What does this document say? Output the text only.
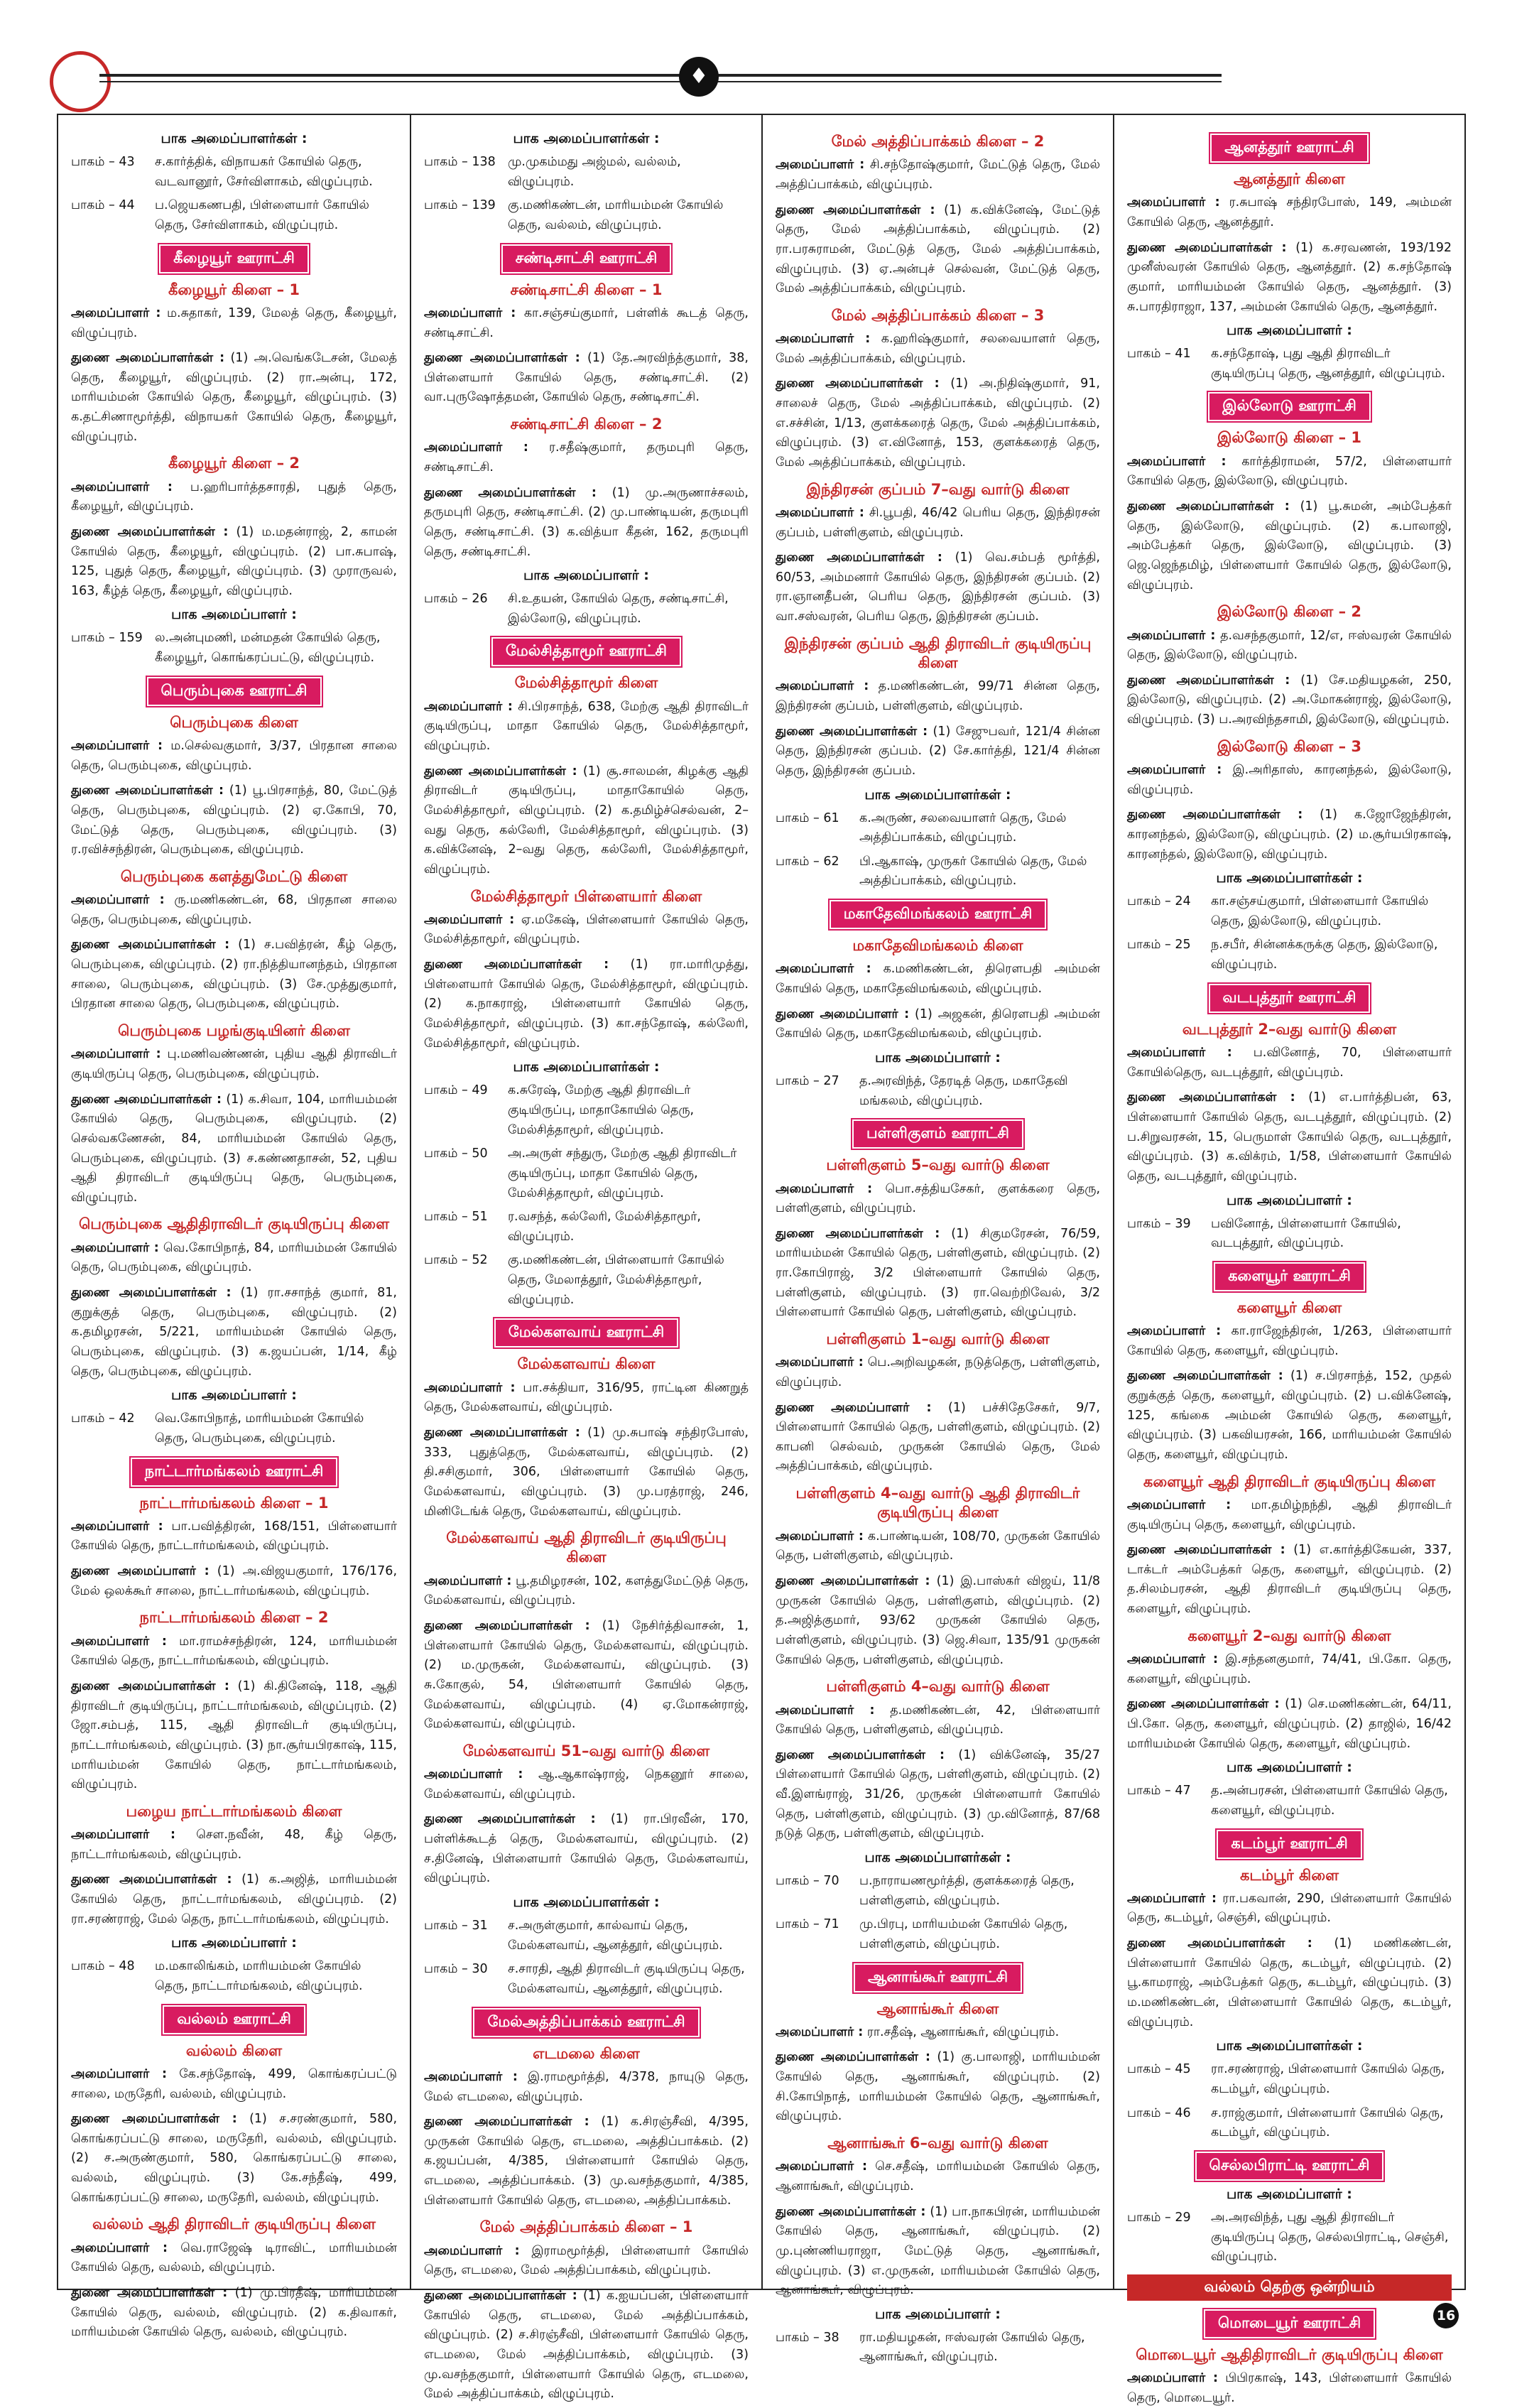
♦
பாக அமைப்பாளர்கள் :
பாகம் – 43	ச.கார்த்திக், விநாயகர் கோயில் தெரு, வடவானூர், சேர்விளாகம், விழுப்புரம்.
பாகம் – 44	ப.ஜெயகணபதி, பிள்ளையார் கோயில் தெரு, சேர்விளாகம், விழுப்புரம்.
கீழையூர் ஊராட்சி
கீழையூர் கிளை – 1
அமைப்பாளர் : ம.சுதாகர், 139, மேலத் தெரு, கீழையூர், விழுப்புரம்.
துணை அமைப்பாளர்கள் : (1) அ.வெங்கடேசன், மேலத் தெரு, கீழையூர், விழுப்புரம். (2) ரா.அன்பு, 172, மாரியம்மன் கோயில் தெரு, கீழையூர், விழுப்புரம். (3) க.தட்சிணாமூர்த்தி, விநாயகர் கோயில் தெரு, கீழையூர், விழுப்புரம்.
கீழையூர் கிளை – 2
அமைப்பாளர் : ப.ஹரிபார்த்தசாரதி, புதுத் தெரு, கீழையூர், விழுப்புரம்.
துணை அமைப்பாளர்கள் : (1) ம.மதன்ராஜ், 2, காமன் கோயில் தெரு, கீழையூர், விழுப்புரம். (2) பா.சுபாஷ், 125, புதுத் தெரு, கீழையூர், விழுப்புரம். (3) முராருவல், 163, கீழ்த் தெரு, கீழையூர், விழுப்புரம்.
பாக அமைப்பாளர் :
பாகம் – 159 ல.அன்புமணி, மன்மதன் கோயில் தெரு, கீழையூர், கொங்கரப்பட்டு, விழுப்புரம்.
பெரும்புகை ஊராட்சி
பெரும்புகை கிளை
அமைப்பாளர் : ம.செல்வகுமார், 3/37, பிரதான சாலை தெரு, பெரும்புகை, விழுப்புரம்.
துணை அமைப்பாளர்கள் : (1) பூ.பிரசாந்த், 80, மேட்டுத் தெரு, பெரும்புகை, விழுப்புரம். (2) ஏ.கோபி, 70, மேட்டுத் தெரு, பெரும்புகை, விழுப்புரம். (3) ர.ரவிச்சந்திரன், பெரும்புகை, விழுப்புரம்.
பெரும்புகை களத்துமேட்டு கிளை
அமைப்பாளர் : ரு.மணிகண்டன், 68, பிரதான சாலை தெரு, பெரும்புகை, விழுப்புரம்.
துணை அமைப்பாளர்கள் : (1) ச.பவித்ரன், கீழ் தெரு, பெரும்புகை, விழுப்புரம். (2) ரா.நித்தியானந்தம், பிரதான சாலை, பெரும்புகை, விழுப்புரம். (3) சே.முத்துகுமார், பிரதான சாலை தெரு, பெரும்புகை, விழுப்புரம்.
பெரும்புகை பழங்குடியினர் கிளை
அமைப்பாளர் : பு.மணிவண்ணன், புதிய ஆதி திராவிடர் குடியிருப்பு தெரு, பெரும்புகை, விழுப்புரம்.
துணை அமைப்பாளர்கள் : (1) க.சிவா, 104, மாரியம்மன் கோயில் தெரு, பெரும்புகை, விழுப்புரம். (2) செல்வகணேசன், 84, மாரியம்மன் கோயில் தெரு, பெரும்புகை, விழுப்புரம். (3) ச.கண்ணதாசன், 52, புதிய ஆதி திராவிடர் குடியிருப்பு தெரு, பெரும்புகை, விழுப்புரம்.
பெரும்புகை ஆதிதிராவிடர் குடியிருப்பு கிளை
அமைப்பாளர் : வெ.கோபிநாத், 84, மாரியம்மன் கோயில் தெரு, பெரும்புகை, விழுப்புரம்.
துணை அமைப்பாளர்கள் : (1) ரா.சசாந்த் குமார், 81, குறுக்குத் தெரு, பெரும்புகை, விழுப்புரம். (2) க.தமிழரசன், 5/221, மாரியம்மன் கோயில் தெரு, பெரும்புகை, விழுப்புரம். (3) க.ஜயப்பன், 1/14, கீழ் தெரு, பெரும்புகை, விழுப்புரம்.
பாக அமைப்பாளர் :
பாகம் – 42	வெ.கோபிநாத், மாரியம்மன் கோயில் தெரு, பெரும்புகை, விழுப்புரம்.
நாட்டார்மங்கலம் ஊராட்சி
நாட்டார்மங்கலம் கிளை – 1
அமைப்பாளர் : பா.பவித்திரன், 168/151, பிள்ளையார் கோயில் தெரு, நாட்டார்மங்கலம், விழுப்புரம்.
துணை அமைப்பாளர் : (1) அ.விஜயகுமார், 176/176, மேல் ஒலக்கூர் சாலை, நாட்டார்மங்கலம், விழுப்புரம்.
நாட்டார்மங்கலம் கிளை – 2
அமைப்பாளர் : மா.ராமச்சந்திரன், 124, மாரியம்மன் கோயில் தெரு, நாட்டார்மங்கலம், விழுப்புரம்.
துணை அமைப்பாளர்கள் : (1) கி.தினேஷ், 118, ஆதி திராவிடர் குடியிருப்பு, நாட்டார்மங்கலம், விழுப்புரம். (2) ஜோ.சம்பத், 115, ஆதி திராவிடர் குடியிருப்பு, நாட்டார்மங்கலம், விழுப்புரம். (3) நா.சூர்யபிரகாஷ், 115, மாரியம்மன் கோயில் தெரு, நாட்டார்மங்கலம், விழுப்புரம்.
பழைய நாட்டார்மங்கலம் கிளை
அமைப்பாளர் : செள.நவீன், 48, கீழ் தெரு, நாட்டார்மங்கலம், விழுப்புரம்.
துணை அமைப்பாளர்கள் : (1) க.அஜித், மாரியம்மன் கோயில் தெரு, நாட்டார்மங்கலம், விழுப்புரம். (2) ரா.சரண்ராஜ், மேல் தெரு, நாட்டார்மங்கலம், விழுப்புரம்.
பாக அமைப்பாளர் :
பாகம் – 48	ம.மகாலிங்கம், மாரியம்மன் கோயில் தெரு, நாட்டார்மங்கலம், விழுப்புரம்.
வல்லம் ஊராட்சி
வல்லம் கிளை
அமைப்பாளர் : கே.சந்தோஷ், 499, கொங்கரப்பட்டு சாலை, மருதேரி, வல்லம், விழுப்புரம்.
துணை அமைப்பாளர்கள் : (1) ச.சரண்குமார், 580, கொங்கரப்பட்டு சாலை, மருதேரி, வல்லம், விழுப்புரம். (2) ச.அருண்குமார், 580, கொங்கரப்பட்டு சாலை, வல்லம், விழுப்புரம். (3) கே.சந்தீஷ், 499, கொங்கரப்பட்டு சாலை, மருதேரி, வல்லம், விழுப்புரம்.
வல்லம் ஆதி திராவிடர் குடியிருப்பு கிளை
அமைப்பாளர் : வெ.ராஜேஷ் டிராவிட், மாரியம்மன் கோயில் தெரு, வல்லம், விழுப்புரம்.
துணை அமைப்பாளர்கள் : (1) மு.பிரதீஷ், மாரியம்மன் கோயில் தெரு, வல்லம், விழுப்புரம். (2) க.திவாகர், மாரியம்மன் கோயில் தெரு, வல்லம், விழுப்புரம்.
பாக அமைப்பாளர்கள் :
பாகம் – 138 மு.முகம்மது அஜ்மல், வல்லம், விழுப்புரம்.
பாகம் – 139 கு.மணிகண்டன், மாரியம்மன் கோயில் தெரு, வல்லம், விழுப்புரம்.
சண்டிசாட்சி ஊராட்சி
சண்டிசாட்சி கிளை – 1
அமைப்பாளர் : கா.சஞ்சய்குமார், பள்ளிக் கூடத் தெரு, சண்டிசாட்சி.
துணை அமைப்பாளர்கள் : (1) தே.அரவிந்த்குமார், 38, பிள்ளையார் கோயில் தெரு, சண்டிசாட்சி. (2) வா.புருஷோத்தமன், கோயில் தெரு, சண்டிசாட்சி.
சண்டிசாட்சி கிளை – 2
அமைப்பாளர் : ர.சதீஷ்குமார், தருமபுரி தெரு, சண்டிசாட்சி.
துணை அமைப்பாளர்கள் : (1) மு.அருணாச்சலம், தருமபுரி தெரு, சண்டிசாட்சி. (2) மு.பாண்டியன், தருமபுரி தெரு, சண்டிசாட்சி. (3) க.வித்யா கீதன், 162, தருமபுரி தெரு, சண்டிசாட்சி.
பாக அமைப்பாளர் :
பாகம் – 26	சி.உதயன், கோயில் தெரு, சண்டிசாட்சி, இல்லோடு, விழுப்புரம்.
மேல்சித்தாமூர் ஊராட்சி
மேல்சித்தாமூர் கிளை
அமைப்பாளர் : சி.பிரசாந்த், 638, மேற்கு ஆதி திராவிடர் குடியிருப்பு, மாதா கோயில் தெரு, மேல்சித்தாமூர், விழுப்புரம்.
துணை அமைப்பாளர்கள் : (1) சூ.சாலமன், கிழக்கு ஆதி திராவிடர் குடியிருப்பு, மாதாகோயில் தெரு, மேல்சித்தாமூர், விழுப்புரம். (2) க.தமிழ்ச்செல்வன், 2–வது தெரு, கல்லேரி, மேல்சித்தாமூர், விழுப்புரம். (3) க.விக்னேஷ், 2–வது தெரு, கல்லேரி, மேல்சித்தாமூர், விழுப்புரம்.
மேல்சித்தாமூர் பிள்ளையார் கிளை
அமைப்பாளர் : ஏ.மகேஷ், பிள்ளையார் கோயில் தெரு, மேல்சித்தாமூர், விழுப்புரம்.
துணை அமைப்பாளர்கள் : (1) ரா.மாரிமுத்து, பிள்ளையார் கோயில் தெரு, மேல்சித்தாமூர், விழுப்புரம். (2) க.நாகராஜ், பிள்ளையார் கோயில் தெரு, மேல்சித்தாமூர், விழுப்புரம். (3) கா.சந்தோஷ், கல்லேரி, மேல்சித்தாமூர், விழுப்புரம்.
பாக அமைப்பாளர்கள் :
பாகம் – 49	க.சுரேஷ், மேற்கு ஆதி திராவிடர் குடியிருப்பு, மாதாகோயில் தெரு, மேல்சித்தாமூர், விழுப்புரம்.
பாகம் – 50	அ.அருள் சந்துரு, மேற்கு ஆதி திராவிடர் குடியிருப்பு, மாதா கோயில் தெரு, மேல்சித்தாமூர், விழுப்புரம்.
பாகம் – 51	ர.வசந்த், கல்லேரி, மேல்சித்தாமூர், விழுப்புரம்.
பாகம் – 52	கு.மணிகண்டன், பிள்ளையார் கோயில் தெரு, மேலாத்தூர், மேல்சித்தாமூர், விழுப்புரம்.
மேல்களவாய் ஊராட்சி
மேல்களவாய் கிளை
அமைப்பாளர் : பா.சக்தியா, 316/95, ராட்டின கிணறுத் தெரு, மேல்களவாய், விழுப்புரம்.
துணை அமைப்பாளர்கள் : (1) மு.சுபாஷ் சந்திரபோஸ், 333, புதுத்தெரு, மேல்களவாய், விழுப்புரம். (2) தி.சசிகுமார், 306, பிள்ளையார் கோயில் தெரு, மேல்களவாய், விழுப்புரம். (3) மு.பரத்ராஜ், 246, மினிடேங்க் தெரு, மேல்களவாய், விழுப்புரம்.
மேல்களவாய் ஆதி திராவிடர் குடியிருப்பு கிளை
அமைப்பாளர் : பூ.தமிழரசன், 102, களத்துமேட்டுத் தெரு, மேல்களவாய், விழுப்புரம்.
துணை அமைப்பாளர்கள் : (1) நேசிர்த்திவாசன், 1, பிள்ளையார் கோயில் தெரு, மேல்களவாய், விழுப்புரம். (2) ம.முருகன், மேல்களவாய், விழுப்புரம். (3) சு.கோகுல், 54, பிள்ளையார் கோயில் தெரு, மேல்களவாய், விழுப்புரம். (4) ஏ.மோகன்ராஜ், மேல்களவாய், விழுப்புரம்.
மேல்களவாய் 51–வது வார்டு கிளை
அமைப்பாளர் : ஆ.ஆகாஷ்ராஜ், நெகனூர் சாலை, மேல்களவாய், விழுப்புரம்.
துணை அமைப்பாளர்கள் : (1) ரா.பிரவீன், 170, பள்ளிக்கூடத் தெரு, மேல்களவாய், விழுப்புரம். (2) ச.தினேஷ், பிள்ளையார் கோயில் தெரு, மேல்களவாய், விழுப்புரம்.
பாக அமைப்பாளர்கள் :
பாகம் – 31	ச.அருள்குமார், கால்வாய் தெரு, மேல்களவாய், ஆனத்தூர், விழுப்புரம்.
பாகம் – 30	ச.சாரதி, ஆதி திராவிடர் குடியிருப்பு தெரு, மேல்களவாய், ஆனத்தூர், விழுப்புரம்.
மேல்அத்திப்பாக்கம் ஊராட்சி
எடமலை கிளை
அமைப்பாளர் : இ.ராமமூர்த்தி, 4/378, நாயுடு தெரு, மேல் எடமலை, விழுப்புரம்.
துணை அமைப்பாளர்கள் : (1) க.சிரஞ்சீவி, 4/395, முருகன் கோயில் தெரு, எடமலை, அத்திப்பாக்கம். (2) க.ஜயப்பன், 4/385, பிள்ளையார் கோயில் தெரு, எடமலை, அத்திப்பாக்கம். (3) மு.வசந்தகுமார், 4/385, பிள்ளையார் கோயில் தெரு, எடமலை, அத்திப்பாக்கம்.
மேல் அத்திப்பாக்கம் கிளை – 1
அமைப்பாளர் : இராமமூர்த்தி, பிள்ளையார் கோயில் தெரு, எடமலை, மேல் அத்திப்பாக்கம், விழுப்புரம்.
துணை அமைப்பாளர்கள் : (1) க.ஐயப்பன், பிள்ளையார் கோயில் தெரு, எடமலை, மேல் அத்திப்பாக்கம், விழுப்புரம். (2) ச.சிரஞ்சீவி, பிள்ளையார் கோயில் தெரு, எடமலை, மேல் அத்திப்பாக்கம், விழுப்புரம். (3) மு.வசந்தகுமார், பிள்ளையார் கோயில் தெரு, எடமலை, மேல் அத்திப்பாக்கம், விழுப்புரம்.
மேல் அத்திப்பாக்கம் கிளை – 2
அமைப்பாளர் : சி.சந்தோஷ்குமார், மேட்டுத் தெரு, மேல் அத்திப்பாக்கம், விழுப்புரம்.
துணை அமைப்பாளர்கள் : (1) க.விக்னேஷ், மேட்டுத் தெரு, மேல் அத்திப்பாக்கம், விழுப்புரம். (2) ரா.பரசுராமன், மேட்டுத் தெரு, மேல் அத்திப்பாக்கம், விழுப்புரம். (3) ஏ.அன்புச் செல்வன், மேட்டுத் தெரு, மேல் அத்திப்பாக்கம், விழுப்புரம்.
மேல் அத்திப்பாக்கம் கிளை – 3
அமைப்பாளர் : க.ஹரிஷ்குமார், சலவையாளர் தெரு, மேல் அத்திப்பாக்கம், விழுப்புரம்.
துணை அமைப்பாளர்கள் : (1) அ.நிதிஷ்குமார், 91, சாலைச் தெரு, மேல் அத்திப்பாக்கம், விழுப்புரம். (2) எ.சச்சின், 1/13, குளக்கரைத் தெரு, மேல் அத்திப்பாக்கம், விழுப்புரம். (3) எ.வினோத், 153, குளக்கரைத் தெரு, மேல் அத்திப்பாக்கம், விழுப்புரம்.
இந்திரசன் குப்பம் 7–வது வார்டு கிளை
அமைப்பாளர் : சி.பூபதி, 46/42 பெரிய தெரு, இந்திரசன் குப்பம், பள்ளிகுளம், விழுப்புரம்.
துணை அமைப்பாளர்கள் : (1) வெ.சம்பத் மூர்த்தி, 60/53, அம்மனார் கோயில் தெரு, இந்திரசன் குப்பம். (2) ரா.ஞானதீபன், பெரிய தெரு, இந்திரசன் குப்பம். (3) வா.சஸ்வரன், பெரிய தெரு, இந்திரசன் குப்பம்.
இந்திரசன் குப்பம் ஆதி திராவிடர் குடியிருப்பு கிளை
அமைப்பாளர் : த.மணிகண்டன், 99/71 சின்ன தெரு, இந்திரசன் குப்பம், பள்ளிகுளம், விழுப்புரம்.
துணை அமைப்பாளர்கள் : (1) சேஜுபவர், 121/4 சின்ன தெரு, இந்திரசன் குப்பம். (2) சே.கார்த்தி, 121/4 சின்ன தெரு, இந்திரசன் குப்பம்.
பாக அமைப்பாளர்கள் :
பாகம் – 61	க.அருண், சலவையாளர் தெரு, மேல் அத்திப்பாக்கம், விழுப்புரம்.
பாகம் – 62	பி.ஆகாஷ், முருகர் கோயில் தெரு, மேல் அத்திப்பாக்கம், விழுப்புரம்.
மகாதேவிமங்கலம் ஊராட்சி
மகாதேவிமங்கலம் கிளை
அமைப்பாளர் : க.மணிகண்டன், திரௌபதி அம்மன் கோயில் தெரு, மகாதேவிமங்கலம், விழுப்புரம்.
துணை அமைப்பாளர் : (1) அஜகன், திரௌபதி அம்மன் கோயில் தெரு, மகாதேவிமங்கலம், விழுப்புரம்.
பாக அமைப்பாளர் :
பாகம் – 27	த.அரவிந்த், தேரடித் தெரு, மகாதேவி மங்கலம், விழுப்புரம்.
பள்ளிகுளம் ஊராட்சி
பள்ளிகுளம் 5–வது வார்டு கிளை
அமைப்பாளர் : பொ.சத்தியசேகர், குளக்கரை தெரு, பள்ளிகுளம், விழுப்புரம்.
துணை அமைப்பாளர்கள் : (1) சிகுமரேசன், 76/59, மாரியம்மன் கோயில் தெரு, பள்ளிகுளம், விழுப்புரம். (2) ரா.கோபிராஜ், 3/2 பிள்ளையார் கோயில் தெரு, பள்ளிகுளம், விழுப்புரம். (3) ரா.வெற்றிவேல், 3/2 பிள்ளையார் கோயில் தெரு, பள்ளிகுளம், விழுப்புரம்.
பள்ளிகுளம் 1–வது வார்டு கிளை
அமைப்பாளர் : பெ.அறிவழகன், நடுத்தெரு, பள்ளிகுளம், விழுப்புரம்.
துணை அமைப்பாளர் : (1) பச்சிதேசேகர், 9/7, பிள்ளையார் கோயில் தெரு, பள்ளிகுளம், விழுப்புரம். (2) காபனி செல்வம், முருகன் கோயில் தெரு, மேல் அத்திப்பாக்கம், விழுப்புரம்.
பள்ளிகுளம் 4–வது வார்டு ஆதி திராவிடர் குடியிருப்பு கிளை
அமைப்பாளர் : க.பாண்டியன், 108/70, முருகன் கோயில் தெரு, பள்ளிகுளம், விழுப்புரம்.
துணை அமைப்பாளர்கள் : (1) இ.பாஸ்கர் விஜய், 11/8 முருகன் கோயில் தெரு, பள்ளிகுளம், விழுப்புரம். (2) த.அஜித்குமார், 93/62 முருகன் கோயில் தெரு, பள்ளிகுளம், விழுப்புரம். (3) ஜெ.சிவா, 135/91 முருகன் கோயில் தெரு, பள்ளிகுளம், விழுப்புரம்.
பள்ளிகுளம் 4–வது வார்டு கிளை
அமைப்பாளர் : த.மணிகண்டன், 42, பிள்ளையார் கோயில் தெரு, பள்ளிகுளம், விழுப்புரம்.
துணை அமைப்பாளர்கள் : (1) விக்னேஷ், 35/27 பிள்ளையார் கோயில் தெரு, பள்ளிகுளம், விழுப்புரம். (2) வீ.இளங்ராஜ், 31/26, முருகன் பிள்ளையார் கோயில் தெரு, பள்ளிகுளம், விழுப்புரம். (3) மு.வினோத், 87/68 நடுத் தெரு, பள்ளிகுளம், விழுப்புரம்.
பாக அமைப்பாளர்கள் :
பாகம் – 70	ப.நாராயணமூர்த்தி, குளக்கரைத் தெரு, பள்ளிகுளம், விழுப்புரம்.
பாகம் – 71	மு.பிரபு, மாரியம்மன் கோயில் தெரு, பள்ளிகுளம், விழுப்புரம்.
ஆனாங்கூர் ஊராட்சி
ஆனாங்கூர் கிளை
அமைப்பாளர் : ரா.சதீஷ், ஆனாங்கூர், விழுப்புரம்.
துணை அமைப்பாளர்கள் : (1) கு.பாலாஜி, மாரியம்மன் கோயில் தெரு, ஆனாங்கூர், விழுப்புரம். (2) சி.கோபிநாத், மாரியம்மன் கோயில் தெரு, ஆனாங்கூர், விழுப்புரம்.
ஆனாங்கூர் 6–வது வார்டு கிளை
அமைப்பாளர் : செ.சதீஷ், மாரியம்மன் கோயில் தெரு, ஆனாங்கூர், விழுப்புரம்.
துணை அமைப்பாளர்கள் : (1) பா.நாகபிரன், மாரியம்மன் கோயில் தெரு, ஆனாங்கூர், விழுப்புரம். (2) மு.புண்ணியராஜா, மேட்டுத் தெரு, ஆனாங்கூர், விழுப்புரம். (3) எ.முருகன், மாரியம்மன் கோயில் தெரு, ஆனாங்கூர், விழுப்புரம்.
பாக அமைப்பாளர் :
பாகம் – 38	ரா.மதியழகன், ஈஸ்வரன் கோயில் தெரு, ஆனாங்கூர், விழுப்புரம்.
ஆனத்தூர் ஊராட்சி
ஆனத்தூர் கிளை
அமைப்பாளர் : ர.சுபாஷ் சந்திரபோஸ், 149, அம்மன் கோயில் தெரு, ஆனத்தூர்.
துணை அமைப்பாளர்கள் : (1) க.சரவணன், 193/192 முனீஸ்வரன் கோயில் தெரு, ஆனத்தூர். (2) க.சந்தோஷ் குமார், மாரியம்மன் கோயில் தெரு, ஆனத்தூர். (3) சு.பாரதிராஜா, 137, அம்மன் கோயில் தெரு, ஆனத்தூர்.
பாக அமைப்பாளர் :
பாகம் – 41	க.சந்தோஷ், புது ஆதி திராவிடர் குடியிருப்பு தெரு, ஆனத்தூர், விழுப்புரம்.
இல்லோடு ஊராட்சி
இல்லோடு கிளை – 1
அமைப்பாளர் : கார்த்திராமன், 57/2, பிள்ளையார் கோயில் தெரு, இல்லோடு, விழுப்புரம்.
துணை அமைப்பாளர்கள் : (1) பூ.சுமன், அம்பேத்கர் தெரு, இல்லோடு, விழுப்புரம். (2) க.பாலாஜி, அம்பேத்கர் தெரு, இல்லோடு, விழுப்புரம். (3) ஜெ.ஜெந்தமிழ், பிள்ளையார் கோயில் தெரு, இல்லோடு, விழுப்புரம்.
இல்லோடு கிளை – 2
அமைப்பாளர் : த.வசந்தகுமார், 12/எ, ஈஸ்வரன் கோயில் தெரு, இல்லோடு, விழுப்புரம்.
துணை அமைப்பாளர்கள் : (1) சே.மதியழகன், 250, இல்லோடு, விழுப்புரம். (2) அ.மோகன்ராஜ், இல்லோடு, விழுப்புரம். (3) ப.அரவிந்தசாமி, இல்லோடு, விழுப்புரம்.
இல்லோடு கிளை – 3
அமைப்பாளர் : இ.அரிதாஸ், காரனந்தல், இல்லோடு, விழுப்புரம்.
துணை அமைப்பாளர்கள் : (1) க.ஜோஜேந்திரன், காரனந்தல், இல்லோடு, விழுப்புரம். (2) ம.சூர்யபிரகாஷ், காரனந்தல், இல்லோடு, விழுப்புரம்.
பாக அமைப்பாளர்கள் :
பாகம் – 24	கா.சஞ்சய்குமார், பிள்ளையார் கோயில் தெரு, இல்லோடு, விழுப்புரம்.
பாகம் – 25	ந.சபீர், சின்னக்கருக்கு தெரு, இல்லோடு, விழுப்புரம்.
வடபுத்தூர் ஊராட்சி
வடபுத்தூர் 2–வது வார்டு கிளை
அமைப்பாளர் : ப.வினோத், 70, பிள்ளையார் கோயில்தெரு, வடபுத்தூர், விழுப்புரம்.
துணை அமைப்பாளர்கள் : (1) எ.பார்த்திபன், 63, பிள்ளையார் கோயில் தெரு, வடபுத்தூர், விழுப்புரம். (2) ப.சிறுவரசன், 15, பெருமாள் கோயில் தெரு, வடபுத்தூர், விழுப்புரம். (3) க.விக்ரம், 1/58, பிள்ளையார் கோயில் தெரு, வடபுத்தூர், விழுப்புரம்.
பாக அமைப்பாளர் :
பாகம் – 39	பவினோத், பிள்ளையார் கோயில், வடபுத்தூர், விழுப்புரம்.
களையூர் ஊராட்சி
களையூர் கிளை
அமைப்பாளர் : கா.ராஜேந்திரன், 1/263, பிள்ளையார் கோயில் தெரு, களையூர், விழுப்புரம்.
துணை அமைப்பாளர்கள் : (1) ச.பிரசாந்த், 152, முதல் குறுக்குத் தெரு, களையூர், விழுப்புரம். (2) ப.விக்னேஷ், 125, கங்கை அம்மன் கோயில் தெரு, களையூர், விழுப்புரம். (3) பகவியரசன், 166, மாரியம்மன் கோயில் தெரு, களையூர், விழுப்புரம்.
களையூர் ஆதி திராவிடர் குடியிருப்பு கிளை
அமைப்பாளர் : மா.தமிழ்நந்தி, ஆதி திராவிடர் குடியிருப்பு தெரு, களையூர், விழுப்புரம்.
துணை அமைப்பாளர்கள் : (1) எ.கார்த்திகேயன், 337, டாக்டர் அம்பேத்கர் தெரு, களையூர், விழுப்புரம். (2) த.சிலம்பரசன், ஆதி திராவிடர் குடியிருப்பு தெரு, களையூர், விழுப்புரம்.
களையூர் 2–வது வார்டு கிளை
அமைப்பாளர் : இ.சந்தனகுமார், 74/41, பி.கோ. தெரு, களையூர், விழுப்புரம்.
துணை அமைப்பாளர்கள் : (1) செ.மணிகண்டன், 64/11, பி.கோ. தெரு, களையூர், விழுப்புரம். (2) தாஜில், 16/42 மாரியம்மன் கோயில் தெரு, களையூர், விழுப்புரம்.
பாக அமைப்பாளர் :
பாகம் – 47	த.அன்பரசன், பிள்ளையார் கோயில் தெரு, களையூர், விழுப்புரம்.
கடம்பூர் ஊராட்சி
கடம்பூர் கிளை
அமைப்பாளர் : ரா.பகவான், 290, பிள்ளையார் கோயில் தெரு, கடம்பூர், செஞ்சி, விழுப்புரம்.
துணை அமைப்பாளர்கள் : (1) மணிகண்டன், பிள்ளையார் கோயில் தெரு, கடம்பூர், விழுப்புரம். (2) பூ.காமராஜ், அம்பேத்கர் தெரு, கடம்பூர், விழுப்புரம். (3) ம.மணிகண்டன், பிள்ளையார் கோயில் தெரு, கடம்பூர், விழுப்புரம்.
பாக அமைப்பாளர்கள் :
பாகம் – 45	ரா.சரண்ராஜ், பிள்ளையார் கோயில் தெரு, கடம்பூர், விழுப்புரம்.
பாகம் – 46	ச.ராஜ்குமார், பிள்ளையார் கோயில் தெரு, கடம்பூர், விழுப்புரம்.
செல்லபிராட்டி ஊராட்சி
பாக அமைப்பாளர் :
பாகம் – 29	அ.அரவிந்த், புது ஆதி திராவிடர் குடியிருப்பு தெரு, செல்லபிராட்டி, செஞ்சி, விழுப்புரம்.
வல்லம் தெற்கு ஒன்றியம்
மொடையூர் ஊராட்சி
மொடையூர் ஆதிதிராவிடர் குடியிருப்பு கிளை
அமைப்பாளர் : பிபிரகாஷ், 143, பிள்ளையார் கோயில் தெரு, மொடையூர்.
16
